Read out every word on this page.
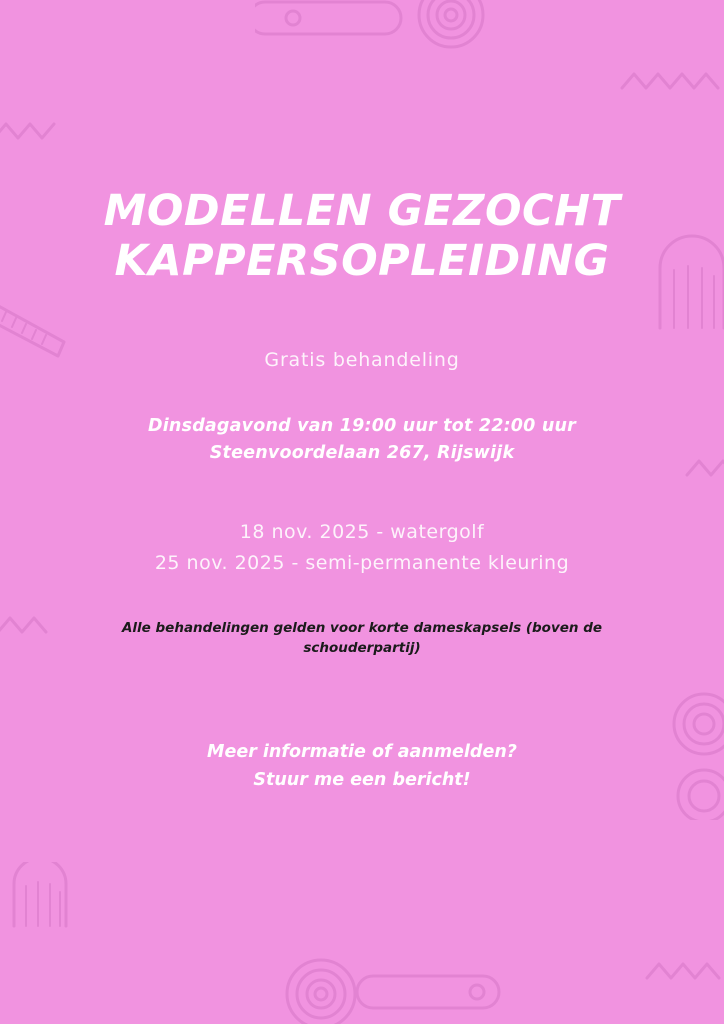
MODELLEN GEZOCHT
KAPPERSOPLEIDING

Gratis behandeling

Dinsdagavond van 19:00 uur tot 22:00 uur
Steenvoordelaan 267, Rijswijk
18 nov. 2025 - watergolf
25 nov. 2025 - semi-permanente kleuring

Alle behandelingen gelden voor korte dameskapsels (boven de schouderpartij)

Meer informatie of aanmelden?
Stuur me een bericht!
